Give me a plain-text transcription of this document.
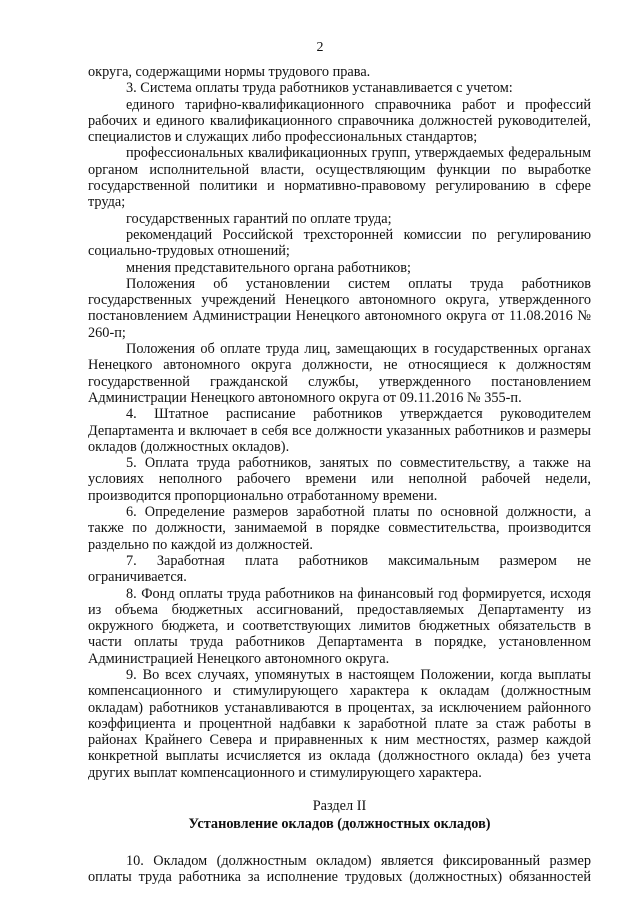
2

округа, содержащими нормы трудового права.

3. Система оплаты труда работников устанавливается с учетом:

единого тарифно-квалификационного справочника работ и профессий рабочих и единого квалификационного справочника должностей руководителей, специалистов и служащих либо профессиональных стандартов;

профессиональных квалификационных групп, утверждаемых федеральным органом исполнительной власти, осуществляющим функции по выработке государственной политики и нормативно-правовому регулированию в сфере труда;

государственных гарантий по оплате труда;

рекомендаций Российской трехсторонней комиссии по регулированию социально-трудовых отношений;

мнения представительного органа работников;

Положения об установлении систем оплаты труда работников государственных учреждений Ненецкого автономного округа, утвержденного постановлением Администрации Ненецкого автономного округа от 11.08.2016 № 260-п;

Положения об оплате труда лиц, замещающих в государственных органах Ненецкого автономного округа должности, не относящиеся к должностям государственной гражданской службы, утвержденного постановлением Администрации Ненецкого автономного округа от 09.11.2016 № 355-п.

4. Штатное расписание работников утверждается руководителем Департамента и включает в себя все должности указанных работников и размеры окладов (должностных окладов).

5. Оплата труда работников, занятых по совместительству, а также на условиях неполного рабочего времени или неполной рабочей недели, производится пропорционально отработанному времени.

6. Определение размеров заработной платы по основной должности, а также по должности, занимаемой в порядке совместительства, производится раздельно по каждой из должностей.

7. Заработная плата работников максимальным размером не ограничивается.

8. Фонд оплаты труда работников на финансовый год формируется, исходя из объема бюджетных ассигнований, предоставляемых Департаменту из окружного бюджета, и соответствующих лимитов бюджетных обязательств в части оплаты труда работников Департамента в порядке, установленном Администрацией Ненецкого автономного округа.

9. Во всех случаях, упомянутых в настоящем Положении, когда выплаты компенсационного и стимулирующего характера к окладам (должностным окладам) работников устанавливаются в процентах, за исключением районного коэффициента и процентной надбавки к заработной плате за стаж работы в районах Крайнего Севера и приравненных к ним местностях, размер каждой конкретной выплаты исчисляется из оклада (должностного оклада) без учета других выплат компенсационного и стимулирующего характера.

Раздел II

Установление окладов (должностных окладов)

10. Окладом (должностным окладом) является фиксированный размер оплаты труда работника за исполнение трудовых (должностных) обязанностей
